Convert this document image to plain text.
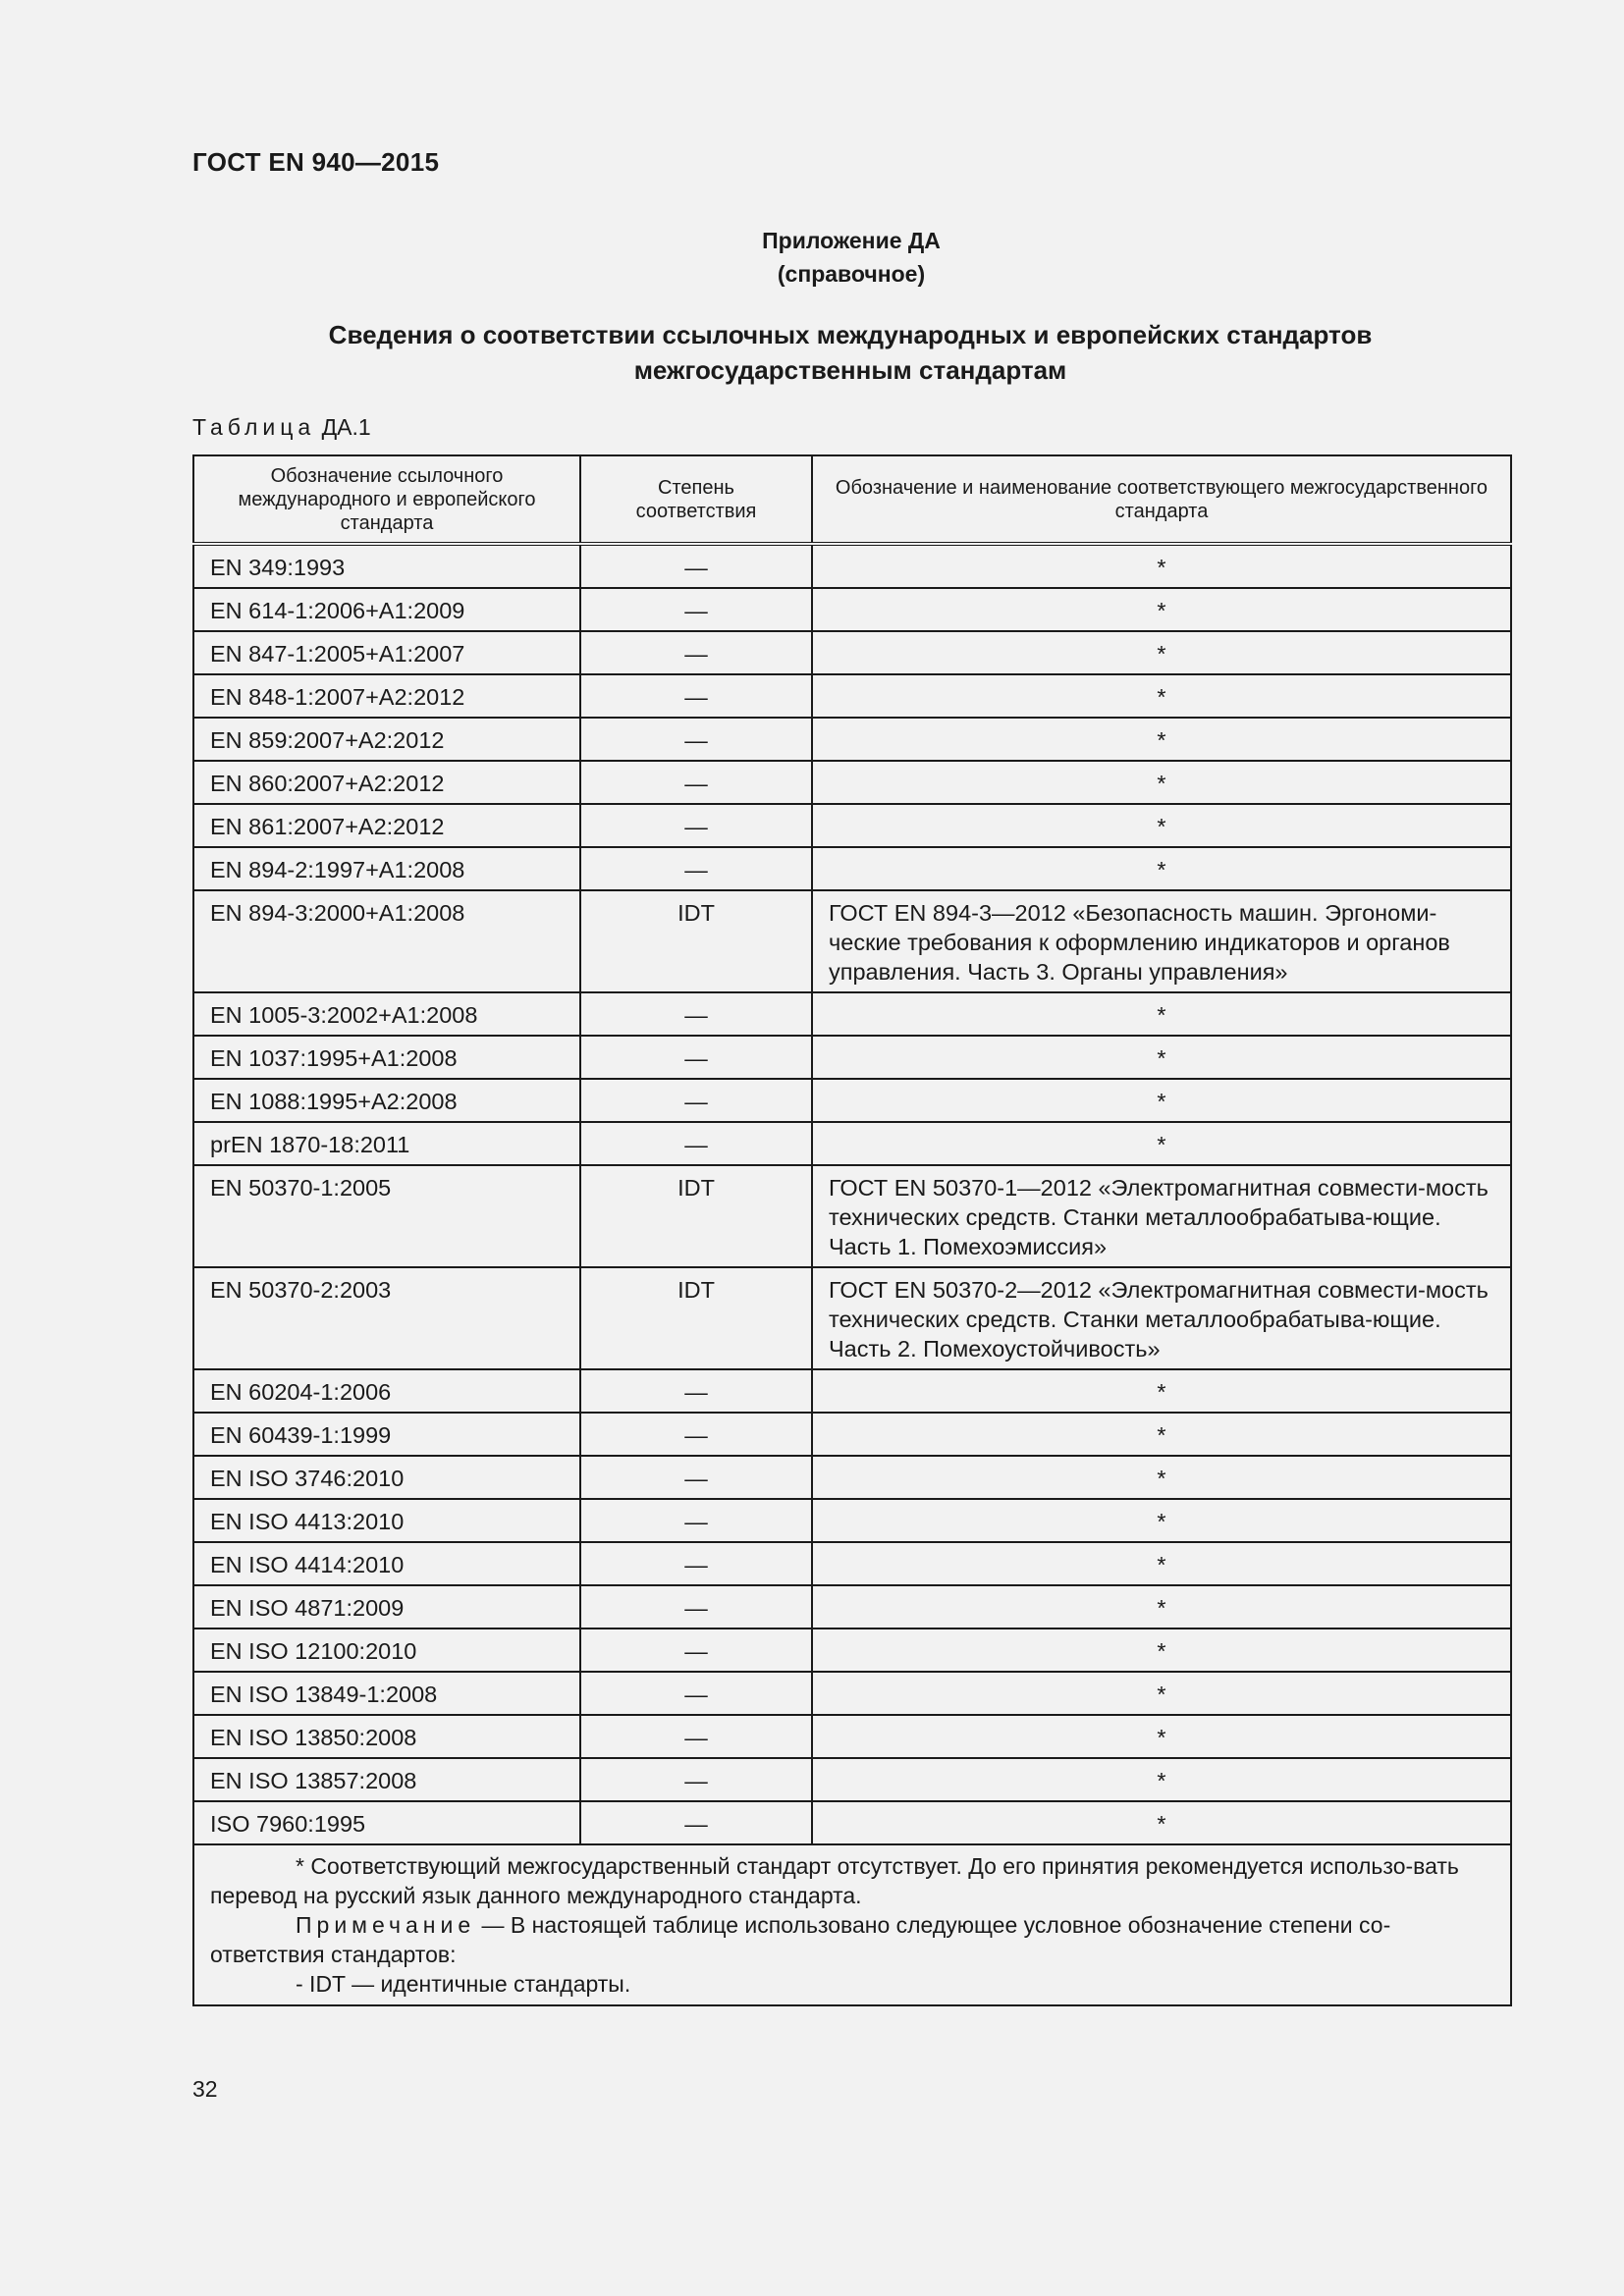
ГОСТ EN 940—2015
Приложение ДА
(справочное)
Сведения о соответствии ссылочных международных и европейских стандартов
межгосударственным стандартам
Таблица ДА.1
Обозначение ссылочного международного и европейского стандарта	Степень соответствия	Обозначение и наименование соответствующего межгосударственного стандарта

EN 349:1993	—	*

EN 614-1:2006+A1:2009	—	*

EN 847-1:2005+A1:2007	—	*

EN 848-1:2007+A2:2012	—	*

EN 859:2007+A2:2012	—	*

EN 860:2007+A2:2012	—	*

EN 861:2007+A2:2012	—	*

EN 894-2:1997+A1:2008	—	*

EN 894-3:2000+A1:2008	IDT	ГОСТ EN 894-3—2012 «Безопасность машин. Эргономи-ческие требования к оформлению индикаторов и органов управления. Часть 3. Органы управления»

EN 1005-3:2002+A1:2008	—	*

EN 1037:1995+A1:2008	—	*

EN 1088:1995+A2:2008	—	*

prEN 1870-18:2011	—	*

EN 50370-1:2005	IDT	ГОСТ EN 50370-1—2012 «Электромагнитная совмести-мость технических средств. Станки металлообрабатыва-ющие. Часть 1. Помехоэмиссия»

EN 50370-2:2003	IDT	ГОСТ EN 50370-2—2012 «Электромагнитная совмести-мость технических средств. Станки металлообрабатыва-ющие. Часть 2. Помехоустойчивость»

EN 60204-1:2006	—	*

EN 60439-1:1999	—	*

EN ISO 3746:2010	—	*

EN ISO 4413:2010	—	*

EN ISO 4414:2010	—	*

EN ISO 4871:2009	—	*

EN ISO 12100:2010	—	*

EN ISO 13849-1:2008	—	*

EN ISO 13850:2008	—	*

EN ISO 13857:2008	—	*

ISO 7960:1995	—	*

* Соответствующий межгосударственный стандарт отсутствует. До его принятия рекомендуется использо-вать перевод на русский язык данного международного стандарта.
Примечание — В настоящей таблице использовано следующее условное обозначение степени со-ответствия стандартов:
- IDT — идентичные стандарты.		
32
